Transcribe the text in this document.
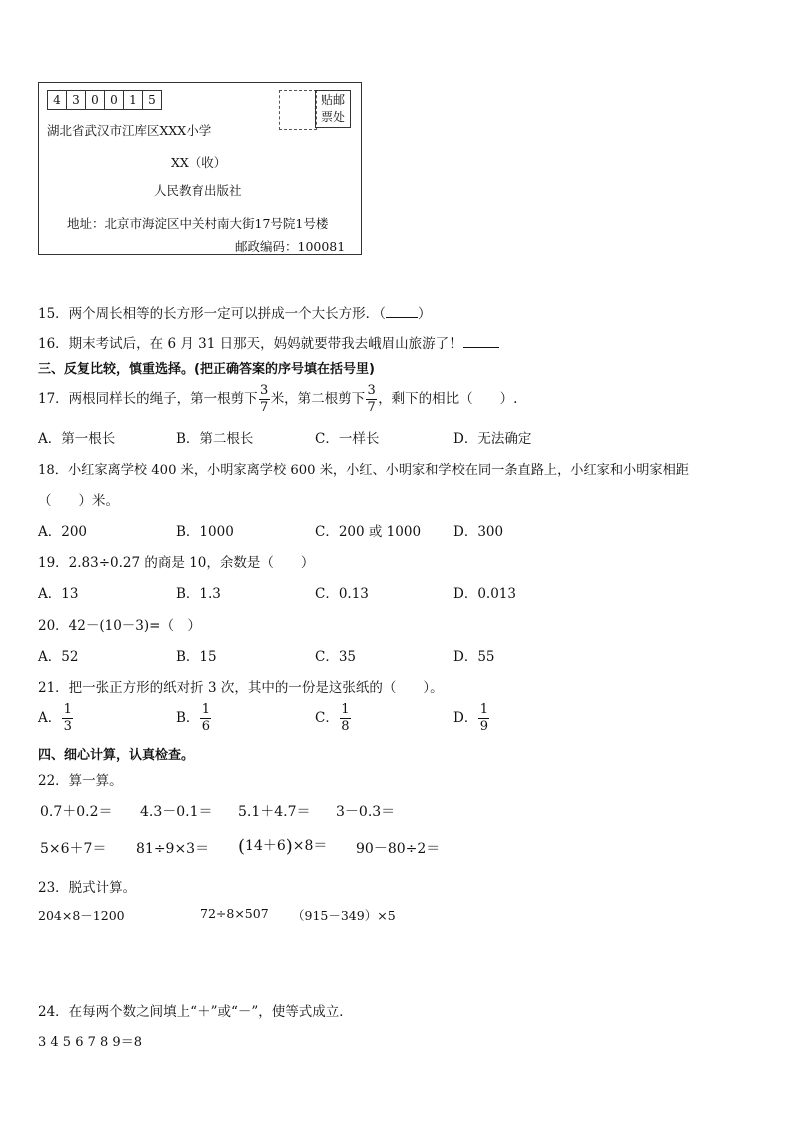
4 3 0 0 1 5	贴邮
票处
湖北省武汉市江库区XXX小学
XX（收）
人民教育出版社
地址：北京市海淀区中关村南大街17号院1号楼
邮政编码：100081
15．两个周长相等的长方形一定可以拼成一个大长方形．（ ）
16．期末考试后，在 6 月 31 日那天，妈妈就要带我去峨眉山旅游了！
三、反复比较，慎重选择。(把正确答案的序号填在括号里)
17．两根同样长的绳子，第一根剪下 $\frac{3}{7}$ 米，第二根剪下 $\frac{3}{7}$ ，剩下的相比（　　）.
A．第一根长	B．第二根长	C．一样长	D．无法确定
18．小红家离学校 400 米，小明家离学校 600 米，小红、小明家和学校在同一条直路上，小红家和小明家相距
（　　）米。
A．200	B．1000	C．200 或 1000 D．300
19．2.83÷0.27 的商是 10，余数是（　　）
A．13	B．1.3	C．0.13	D．0.013
20．42－(10－3)=（　）
A．52	B．15	C．35	D．55
21．把一张正方形的纸对折 3 次，其中的一份是这张纸的（　　）。
A． $\frac{1}{3}$	B． $\frac{1}{6}$	C． $\frac{1}{8}$	D． $\frac{1}{9}$
四、细心计算，认真检查。
22．算一算。
0.7＋0.2＝ 4.3－0.1＝ 5.1＋4.7＝ 3－0.3＝
5×6＋7＝ 81÷9×3＝ (14＋6)×8＝ 90－80÷2＝
23．脱式计算。
204×8－1200	72÷8×507 （915－349）×5
24．在每两个数之间填上“＋”或“－”，使等式成立．
3 4 5 6 7 8 9＝8
